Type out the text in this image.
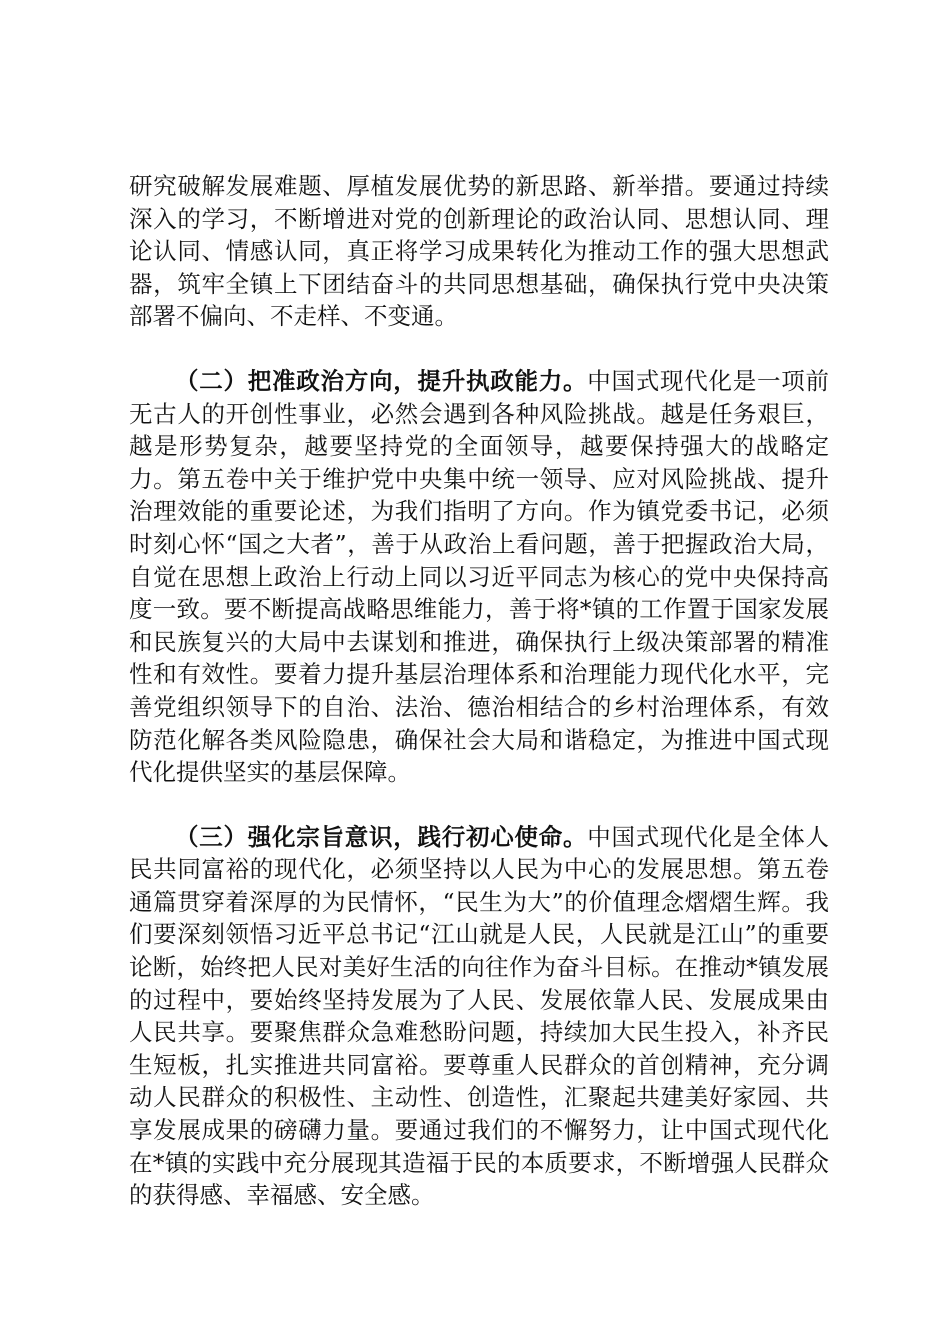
研究破解发展难题、厚植发展优势的新思路、新举措。要通过持续深入的学习，不断增进对党的创新理论的政治认同、思想认同、理论认同、情感认同，真正将学习成果转化为推动工作的强大思想武器，筑牢全镇上下团结奋斗的共同思想基础，确保执行党中央决策部署不偏向、不走样、不变通。

（二）把准政治方向，提升执政能力。中国式现代化是一项前无古人的开创性事业，必然会遇到各种风险挑战。越是任务艰巨，越是形势复杂，越要坚持党的全面领导，越要保持强大的战略定力。第五卷中关于维护党中央集中统一领导、应对风险挑战、提升治理效能的重要论述，为我们指明了方向。作为镇党委书记，必须时刻心怀“国之大者”，善于从政治上看问题，善于把握政治大局，自觉在思想上政治上行动上同以习近平同志为核心的党中央保持高度一致。要不断提高战略思维能力，善于将*镇的工作置于国家发展和民族复兴的大局中去谋划和推进，确保执行上级决策部署的精准性和有效性。要着力提升基层治理体系和治理能力现代化水平，完善党组织领导下的自治、法治、德治相结合的乡村治理体系，有效防范化解各类风险隐患，确保社会大局和谐稳定，为推进中国式现代化提供坚实的基层保障。

（三）强化宗旨意识，践行初心使命。中国式现代化是全体人民共同富裕的现代化，必须坚持以人民为中心的发展思想。第五卷通篇贯穿着深厚的为民情怀，“民生为大”的价值理念熠熠生辉。我们要深刻领悟习近平总书记“江山就是人民，人民就是江山”的重要论断，始终把人民对美好生活的向往作为奋斗目标。在推动*镇发展的过程中，要始终坚持发展为了人民、发展依靠人民、发展成果由人民共享。要聚焦群众急难愁盼问题，持续加大民生投入，补齐民生短板，扎实推进共同富裕。要尊重人民群众的首创精神，充分调动人民群众的积极性、主动性、创造性，汇聚起共建美好家园、共享发展成果的磅礴力量。要通过我们的不懈努力，让中国式现代化在*镇的实践中充分展现其造福于民的本质要求，不断增强人民群众的获得感、幸福感、安全感。
